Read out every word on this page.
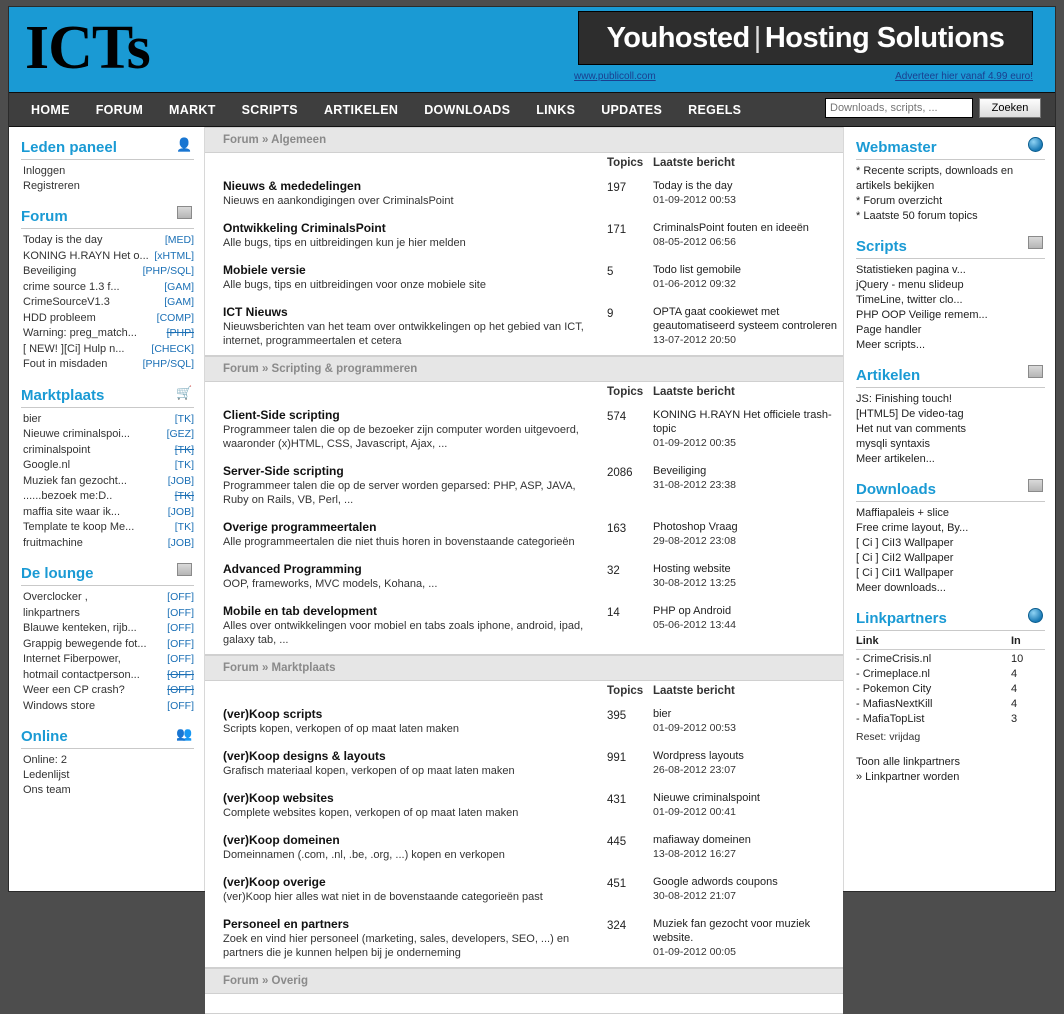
ICTs	Youhosted | Hosting Solutions
www.publicoll.com	Adverteer hier vanaf 4.99 euro!
HOME FORUM MARKT SCRIPTS ARTIKELEN DOWNLOADS LINKS UPDATES REGELS
Downloads, scripts, ...	Zoeken
Leden paneel	👤
Inloggen
Registreren
Forum
Today is the day	[MED]
KONING H.RAYN Het o... [xHTML]
Beveiliging	[PHP/SQL]
crime source 1.3 f...	[GAM]
CrimeSourceV1.3	[GAM]
HDD probleem	[COMP]
Warning: preg_match...	[PHP]
[ NEW! ][Ci] Hulp n...	[CHECK]
Fout in misdaden	[PHP/SQL]
Marktplaats	🛒
bier	[TK]
Nieuwe criminalspoi...	[GEZ]
criminalspoint	[TK]
Google.nl	[TK]
Muziek fan gezocht...	[JOB]
......bezoek me:D..	[TK]
maffia site waar ik...	[JOB]
Template te koop Me...	[TK]
fruitmachine	[JOB]
De lounge
Overclocker ,	[OFF]
linkpartners	[OFF]
Blauwe kenteken, rijb...	[OFF]
Grappig bewegende fot... [OFF]
Internet Fiberpower,	[OFF]
hotmail contactperson...	[OFF]
Weer een CP crash?	[OFF]
Windows store	[OFF]
Online	👥
Online: 2
Ledenlijst
Ons team
Forum » Algemeen
Topics Laatste bericht
Nieuws & mededelingen
Nieuws en aankondigingen over CriminalsPoint
197	Today is the day
01-09-2012 00:53
Ontwikkeling CriminalsPoint
Alle bugs, tips en uitbreidingen kun je hier melden
171	CriminalsPoint fouten en ideeën
08-05-2012 06:56
Mobiele versie
Alle bugs, tips en uitbreidingen voor onze mobiele site
5	Todo list gemobile
01-06-2012 09:32
ICT Nieuws
Nieuwsberichten van het team over ontwikkelingen op het gebied van ICT, internet, programmeertalen et cetera
9	OPTA gaat cookiewet met geautomatiseerd systeem controleren
13-07-2012 20:50
Forum » Scripting & programmeren
Topics Laatste bericht
Client-Side scripting
Programmeer talen die op de bezoeker zijn computer worden uitgevoerd, waaronder (x)HTML, CSS, Javascript, Ajax, ...
574	KONING H.RAYN Het officiele trash-topic
01-09-2012 00:35
Server-Side scripting
Programmeer talen die op de server worden geparsed: PHP, ASP, JAVA, Ruby on Rails, VB, Perl, ...
2086	Beveiliging
31-08-2012 23:38
Overige programmeertalen
Alle programmeertalen die niet thuis horen in bovenstaande categorieën
163	Photoshop Vraag
29-08-2012 23:08
Advanced Programming
OOP, frameworks, MVC models, Kohana, ...
32	Hosting website
30-08-2012 13:25
Mobile en tab development
Alles over ontwikkelingen voor mobiel en tabs zoals iphone, android, ipad, galaxy tab, ...
14	PHP op Android
05-06-2012 13:44
Forum » Marktplaats
Topics Laatste bericht
(ver)Koop scripts
Scripts kopen, verkopen of op maat laten maken
395	bier
01-09-2012 00:53
(ver)Koop designs & layouts
Grafisch materiaal kopen, verkopen of op maat laten maken
991	Wordpress layouts
26-08-2012 23:07
(ver)Koop websites
Complete websites kopen, verkopen of op maat laten maken
431	Nieuwe criminalspoint
01-09-2012 00:41
(ver)Koop domeinen
Domeinnamen (.com, .nl, .be, .org, ...) kopen en verkopen
445	mafiaway domeinen
13-08-2012 16:27
(ver)Koop overige
(ver)Koop hier alles wat niet in de bovenstaande categorieën past
451	Google adwords coupons
30-08-2012 21:07
Personeel en partners
Zoek en vind hier personeel (marketing, sales, developers, SEO, ...) en partners die je kunnen helpen bij je onderneming
324	Muziek fan gezocht voor muziek website.
01-09-2012 00:05
Forum » Overig
Webmaster
* Recente scripts, downloads en artikels bekijken
* Forum overzicht
* Laatste 50 forum topics
Scripts
Statistieken pagina v...
jQuery - menu slideup
TimeLine, twitter clo...
PHP OOP Veilige remem...
Page handler
Meer scripts...
Artikelen
JS: Finishing touch!
[HTML5] De video-tag
Het nut van comments
mysqli syntaxis
Meer artikelen...
Downloads
Maffiapaleis + slice
Free crime layout, By...
[ Ci ] CiI3 Wallpaper
[ Ci ] CiI2 Wallpaper
[ Ci ] CiI1 Wallpaper
Meer downloads...
Linkpartners
Link	In
- CrimeCrisis.nl	10
- Crimeplace.nl	4
- Pokemon City	4
- MafiasNextKill	4
- MafiaTopList	3
Reset: vrijdag
Toon alle linkpartners
» Linkpartner worden
